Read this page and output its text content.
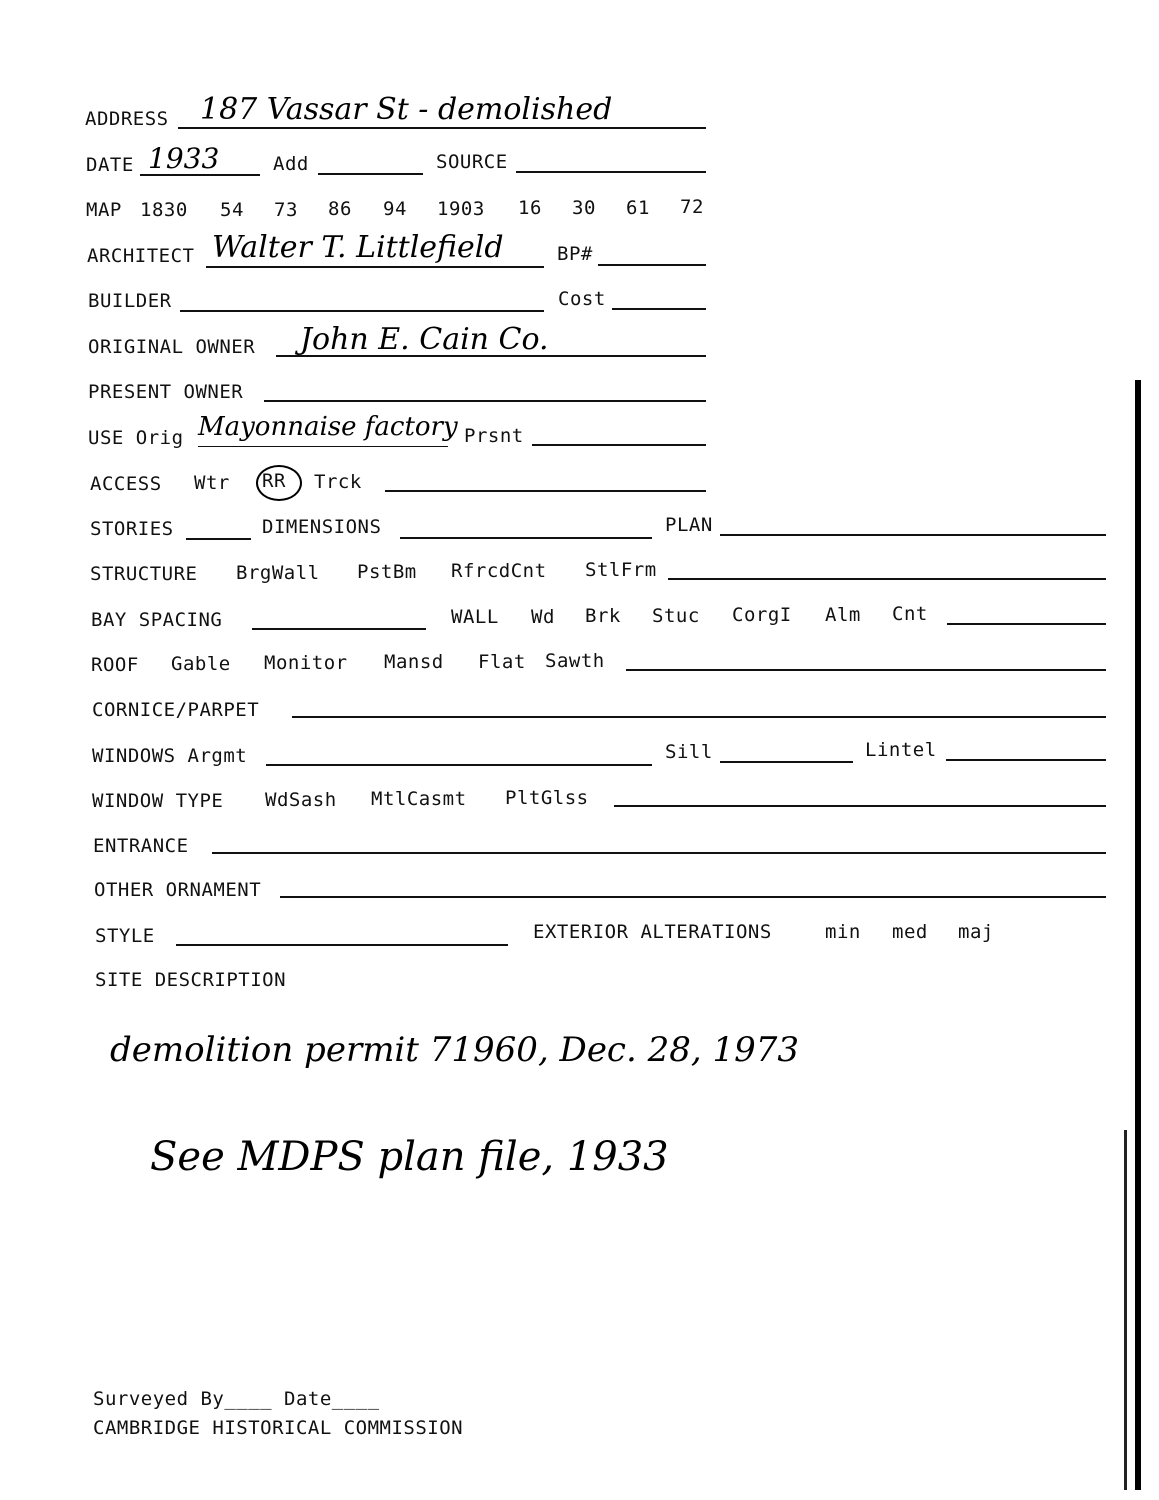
ADDRESS 187 Vassar St - demolished
DATE 1933	Add	SOURCE
MAP 1830 54 73 86 94 1903 16 30 61 72
ARCHITECT Walter T. Littlefield	BP#
BUILDER	Cost
ORIGINAL OWNER John E. Cain Co.
PRESENT OWNER
USE Orig Mayonnaise factory Prsnt
ACCESS Wtr RR Trck
STORIES	DIMENSIONS	PLAN
STRUCTURE BrgWall PstBm RfrcdCnt StlFrm
BAY SPACING	WALL Wd Brk Stuc CorgI Alm Cnt
ROOF Gable Monitor Mansd Flat Sawth
CORNICE/PARPET
WINDOWS Argmt	Sill	Lintel
WINDOW TYPE WdSash MtlCasmt PltGlss
ENTRANCE
OTHER ORNAMENT
STYLE	EXTERIOR ALTERATIONS	min med maj
SITE DESCRIPTION
demolition permit 71960, Dec. 28, 1973
See MDPS plan file, 1933
Surveyed By____ Date____
CAMBRIDGE HISTORICAL COMMISSION
